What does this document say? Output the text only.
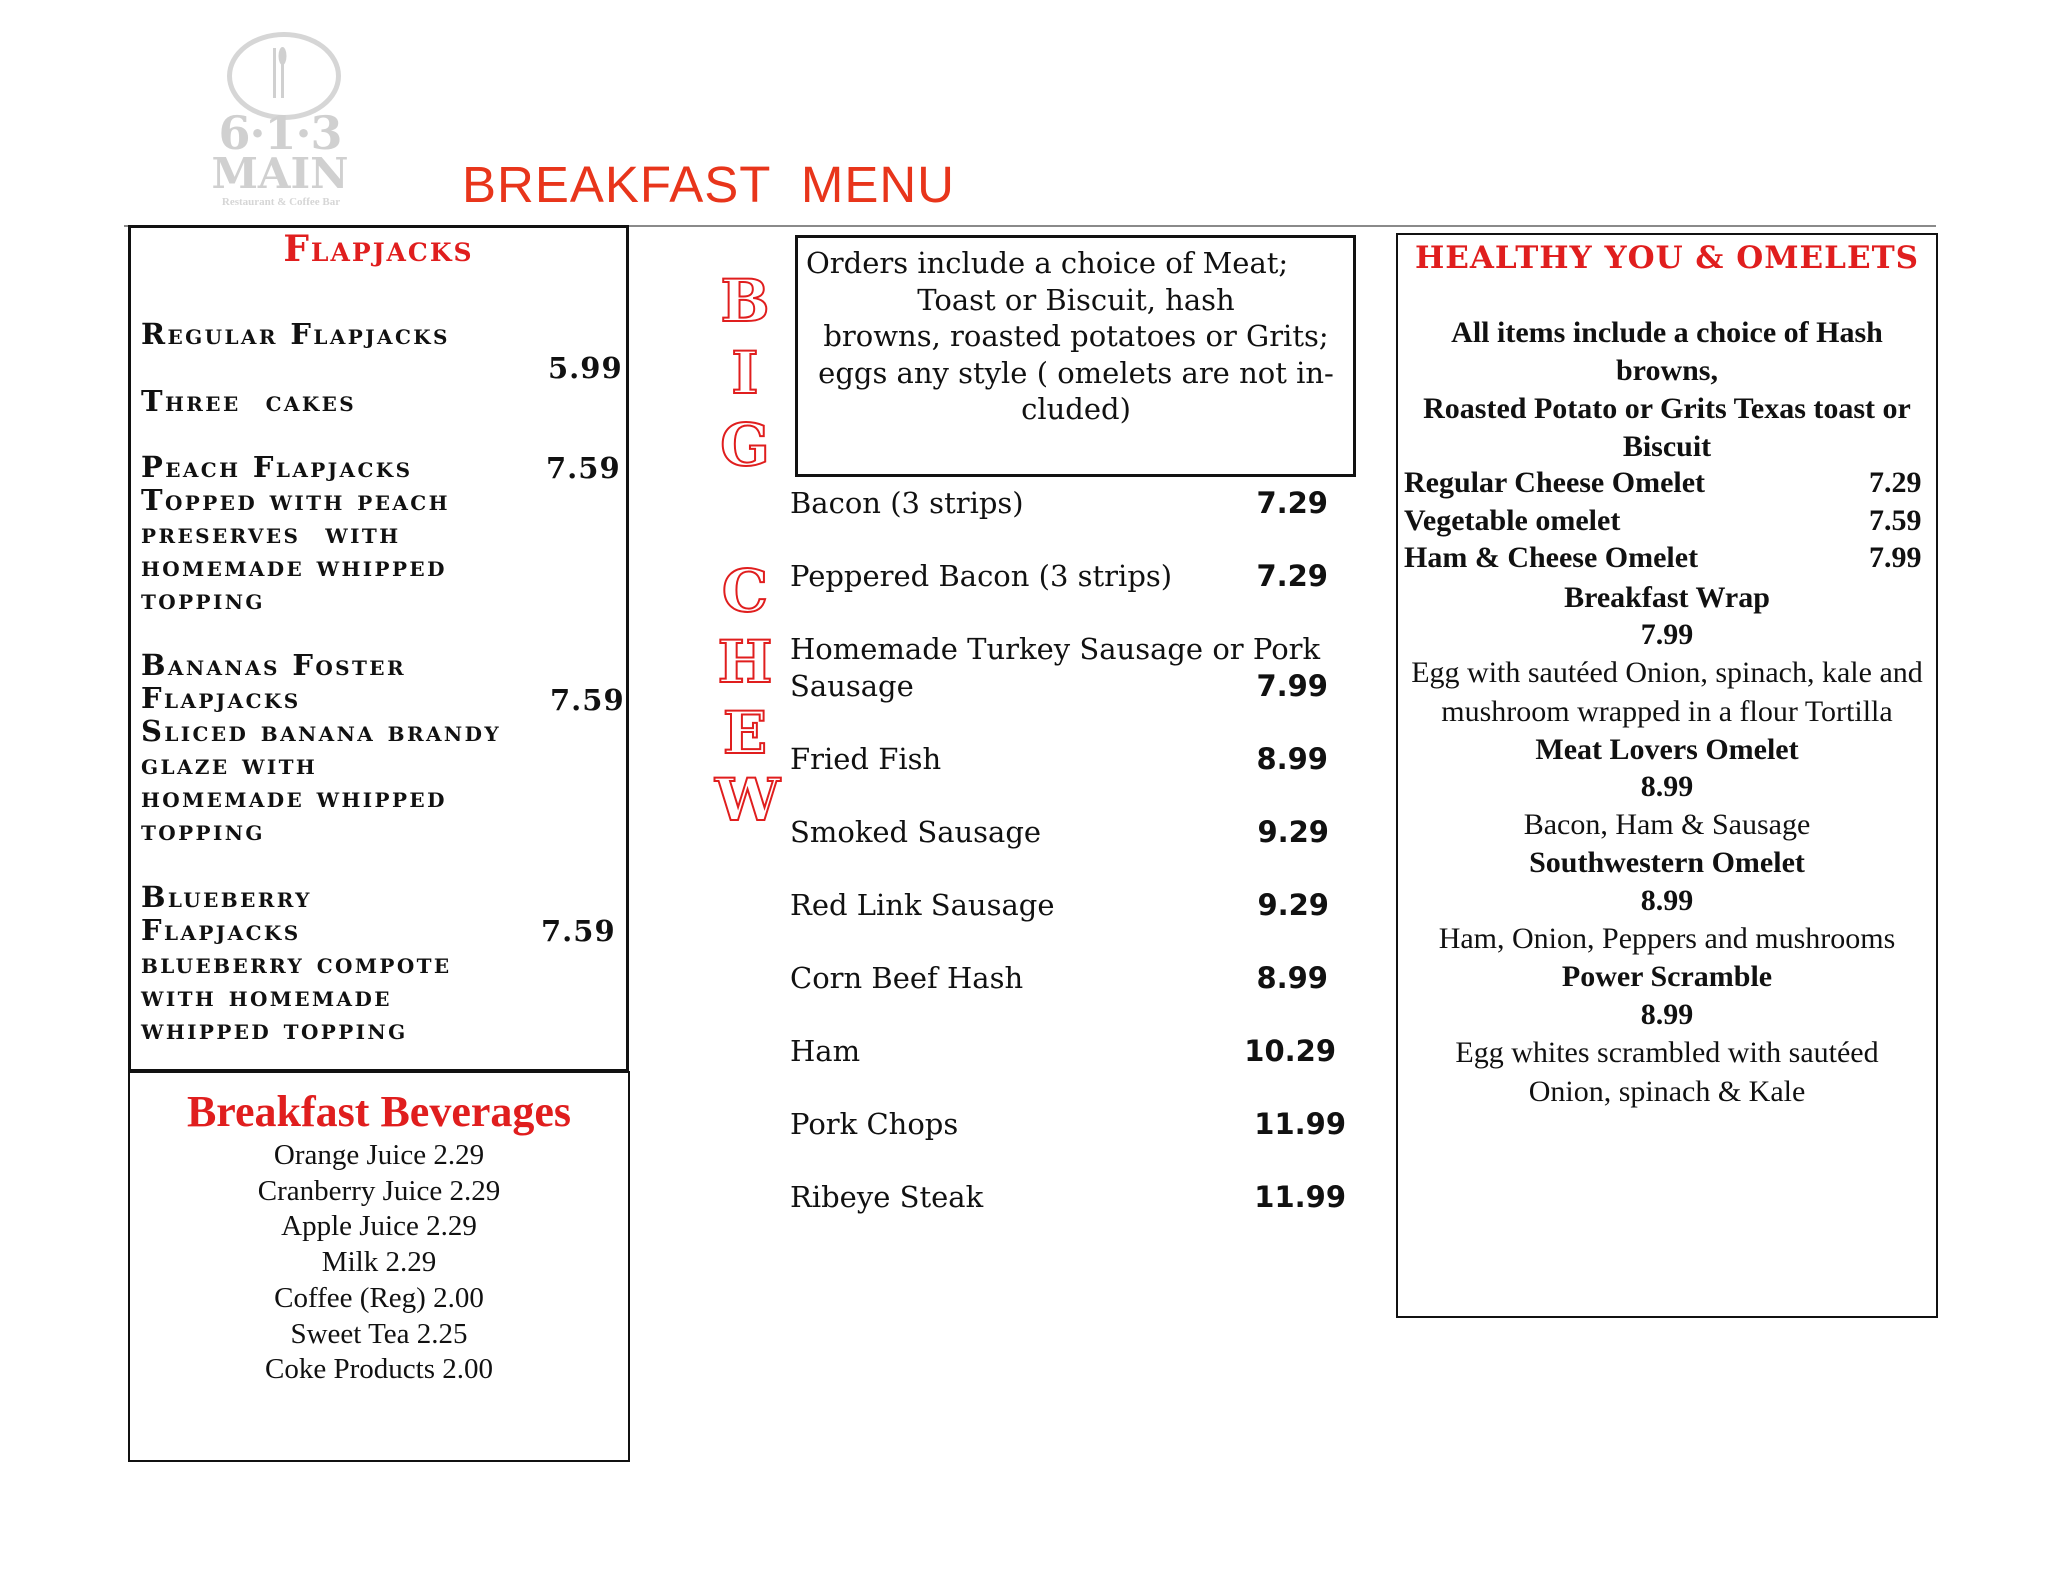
6·1·3
MAIN
Restaurant & Coffee Bar	BREAKFAST  MENU
Flapjacks
Regular Flapjacks
5.99
Three  cakes
Peach Flapjacks	7.59
Topped with peach
preserves  with
homemade whipped
topping
Bananas Foster
Flapjacks	7.59
Sliced banana brandy
glaze with
homemade whipped
topping
Blueberry
Flapjacks	7.59
blueberry compote
with homemade
whipped topping
Breakfast Beverages
Orange Juice 2.29
Cranberry Juice 2.29
Apple Juice 2.29
Milk 2.29
Coffee (Reg) 2.00
Sweet Tea 2.25
Coke Products 2.00
B
I
G
C
H
E
W
Orders include a choice of Meat;
Toast or Biscuit, hash
browns, roasted potatoes or Grits;
eggs any style ( omelets are not in-
cluded)
Bacon (3 strips)	7.29
Peppered Bacon (3 strips)	7.29
Homemade Turkey Sausage or Pork
Sausage	7.99
Fried Fish	8.99
Smoked Sausage	9.29
Red Link Sausage	9.29
Corn Beef Hash	8.99
Ham	10.29
Pork Chops	11.99
Ribeye Steak	11.99
HEALTHY YOU & OMELETS
All items include a choice of Hash browns,
Roasted Potato or Grits Texas toast or
Biscuit
Regular Cheese Omelet	7.29
Vegetable omelet	7.59
Ham & Cheese Omelet	7.99
Breakfast Wrap
7.99
Egg with sautéed Onion, spinach, kale and
mushroom wrapped in a flour Tortilla
Meat Lovers Omelet
8.99
Bacon, Ham & Sausage
Southwestern Omelet
8.99
Ham, Onion, Peppers and mushrooms
Power Scramble
8.99
Egg whites scrambled with sautéed
Onion, spinach & Kale
